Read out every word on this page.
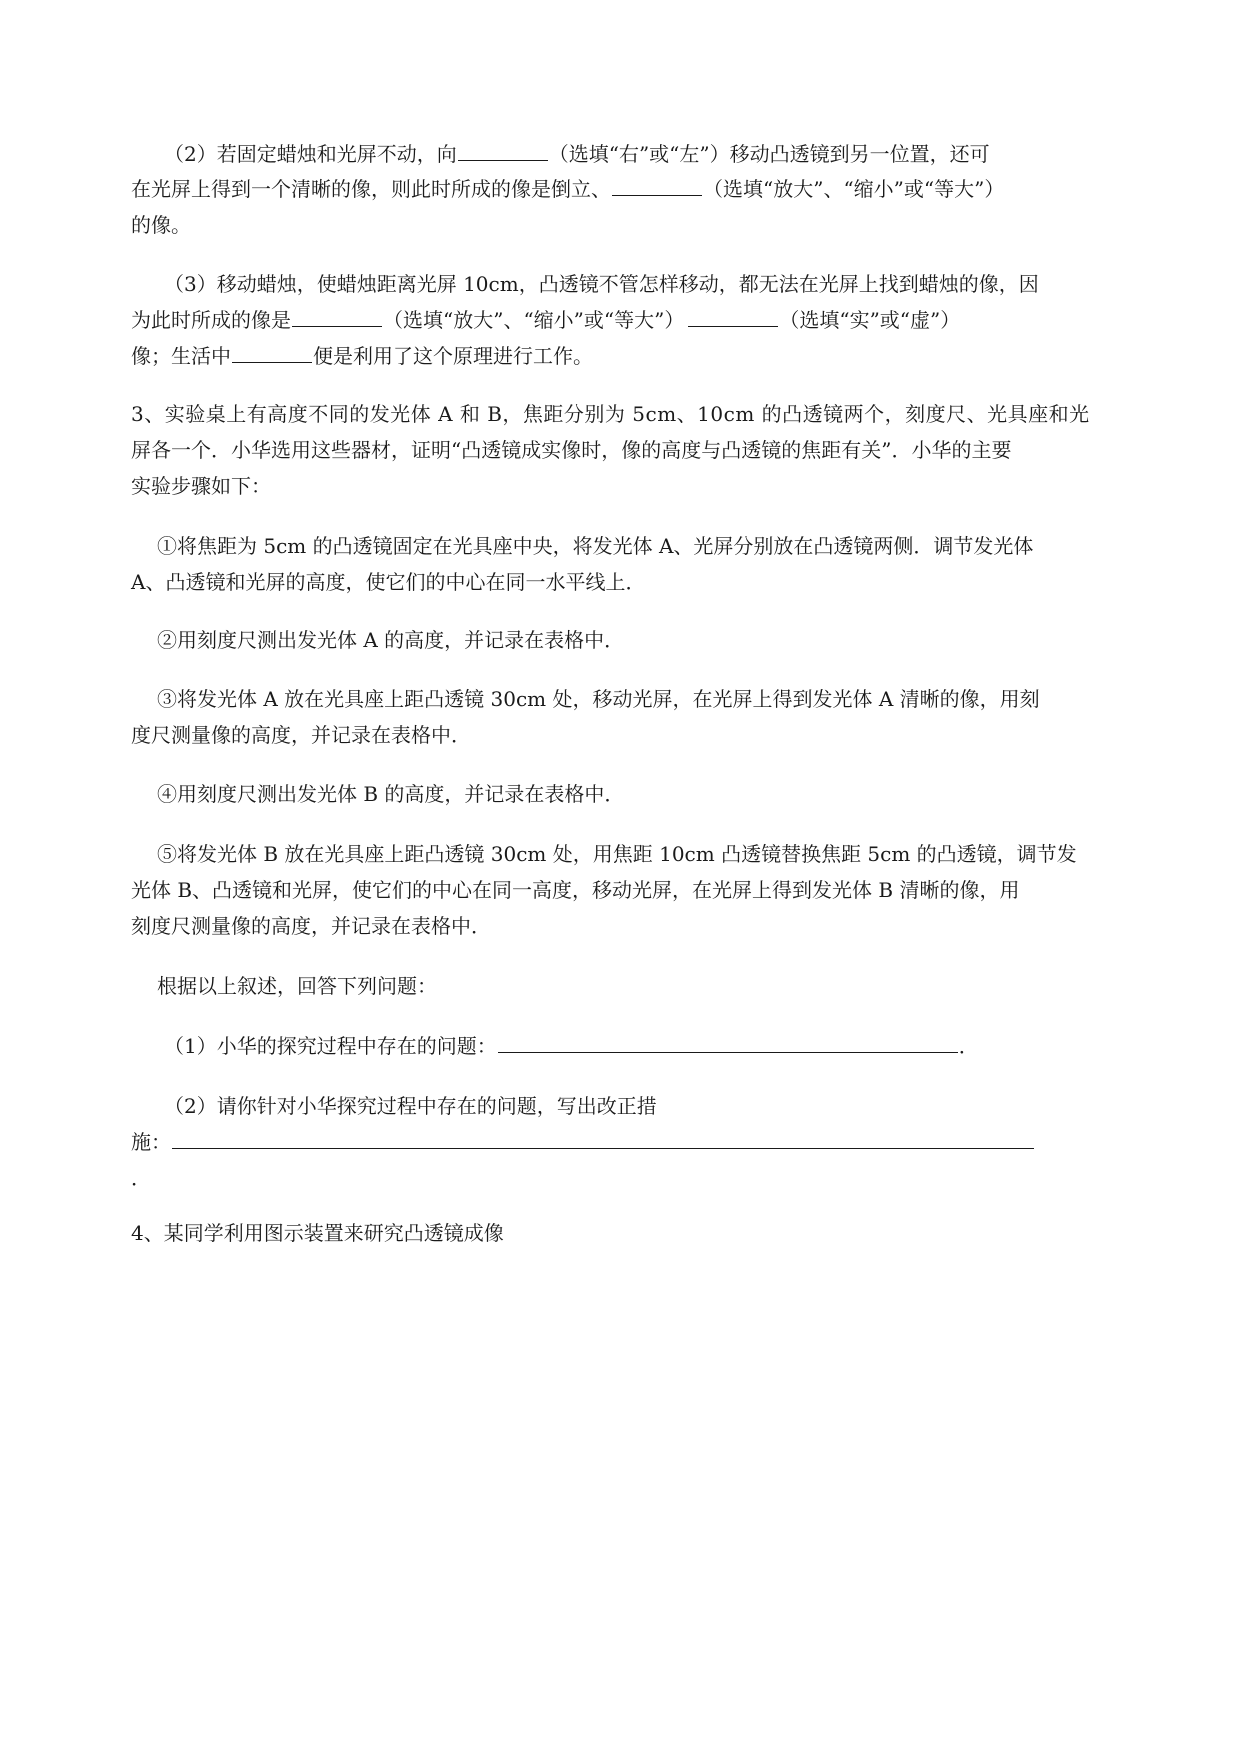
（2）若固定蜡烛和光屏不动，向	（选填“右”或“左”）移动凸透镜到另一位置，还可
在光屏上得到一个清晰的像，则此时所成的像是倒立、	（选填“放大”、“缩小”或“等大”）
的像。
（3）移动蜡烛，使蜡烛距离光屏 10cm，凸透镜不管怎样移动，都无法在光屏上找到蜡烛的像，因
为此时所成的像是	（选填“放大”、“缩小”或“等大”）	（选填“实”或“虚”）
像；生活中	便是利用了这个原理进行工作。
3、实验桌上有高度不同的发光体 A 和 B，焦距分别为 5cm、10cm 的凸透镜两个，刻度尺、光具座和光
屏各一个．小华选用这些器材，证明“凸透镜成实像时，像的高度与凸透镜的焦距有关”．小华的主要
实验步骤如下：
①将焦距为 5cm 的凸透镜固定在光具座中央，将发光体 A、光屏分别放在凸透镜两侧．调节发光体
A、凸透镜和光屏的高度，使它们的中心在同一水平线上．
②用刻度尺测出发光体 A 的高度，并记录在表格中．
③将发光体 A 放在光具座上距凸透镜 30cm 处，移动光屏，在光屏上得到发光体 A 清晰的像，用刻
度尺测量像的高度，并记录在表格中．
④用刻度尺测出发光体 B 的高度，并记录在表格中．
⑤将发光体 B 放在光具座上距凸透镜 30cm 处，用焦距 10cm 凸透镜替换焦距 5cm 的凸透镜，调节发
光体 B、凸透镜和光屏，使它们的中心在同一高度，移动光屏，在光屏上得到发光体 B 清晰的像，用
刻度尺测量像的高度，并记录在表格中．
根据以上叙述，回答下列问题：
（1）小华的探究过程中存在的问题：	．
（2）请你针对小华探究过程中存在的问题，写出改正措
施：
．
4、某同学利用图示装置来研究凸透镜成像
